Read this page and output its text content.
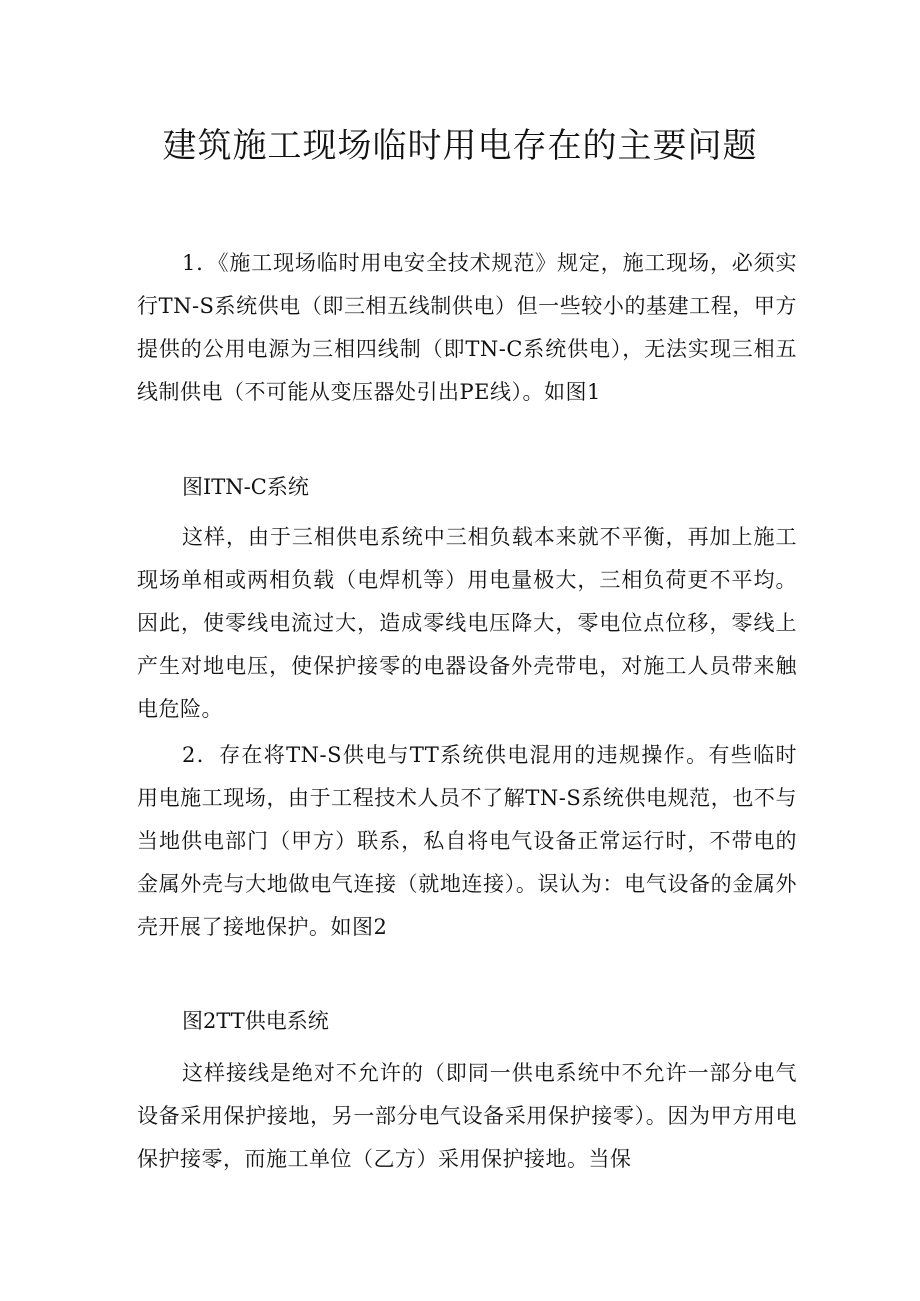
建筑施工现场临时用电存在的主要问题

1．《施工现场临时用电安全技术规范》规定，施工现场，必须实行TN-S系统供电（即三相五线制供电）但一些较小的基建工程，甲方提供的公用电源为三相四线制（即TN-C系统供电），无法实现三相五线制供电（不可能从变压器处引出PE线）。如图1

图ITN-C系统

这样，由于三相供电系统中三相负载本来就不平衡，再加上施工现场单相或两相负载（电焊机等）用电量极大，三相负荷更不平均。因此，使零线电流过大，造成零线电压降大，零电位点位移，零线上产生对地电压，使保护接零的电器设备外壳带电，对施工人员带来触电危险。

2．存在将TN-S供电与TT系统供电混用的违规操作。有些临时用电施工现场，由于工程技术人员不了解TN-S系统供电规范，也不与当地供电部门（甲方）联系，私自将电气设备正常运行时，不带电的金属外壳与大地做电气连接（就地连接）。误认为：电气设备的金属外壳开展了接地保护。如图2

图2TT供电系统

这样接线是绝对不允许的（即同一供电系统中不允许一部分电气设备采用保护接地，另一部分电气设备采用保护接零）。因为甲方用电保护接零，而施工单位（乙方）采用保护接地。当保
